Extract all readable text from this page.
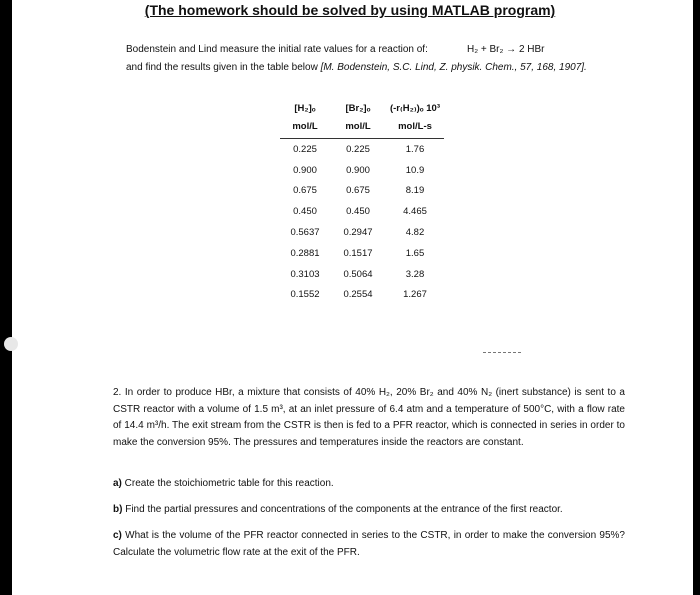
(The homework should be solved by using MATLAB program)
Bodenstein and Lind measure the initial rate values for a reaction of:	H₂ + Br₂ → 2 HBr
and find the results given in the table below [M. Bodenstein, S.C. Lind, Z. physik. Chem., 57, 168, 1907].
[H₂]ₒ	[Br₂]ₒ	(-r₍H₂₎)ₒ 10³
mol/L	mol/L	mol/L-s
0.225	0.225	1.76
0.900	0.900	10.9
0.675	0.675	8.19
0.450	0.450	4.465
0.5637	0.2947	4.82
0.2881	0.1517	1.65
0.3103	0.5064	3.28
0.1552	0.2554	1.267
2. In order to produce HBr, a mixture that consists of 40% H₂, 20% Br₂ and 40% N₂ (inert substance) is sent to a CSTR reactor with a volume of 1.5 m³, at an inlet pressure of 6.4 atm and a temperature of 500°C, with a flow rate of 14.4 m³/h. The exit stream from the CSTR is then is fed to a PFR reactor, which is connected in series in order to make the conversion 95%. The pressures and temperatures inside the reactors are constant.
a) Create the stoichiometric table for this reaction.
b) Find the partial pressures and concentrations of the components at the entrance of the first reactor.
c) What is the volume of the PFR reactor connected in series to the CSTR, in order to make the conversion 95%? Calculate the volumetric flow rate at the exit of the PFR.
